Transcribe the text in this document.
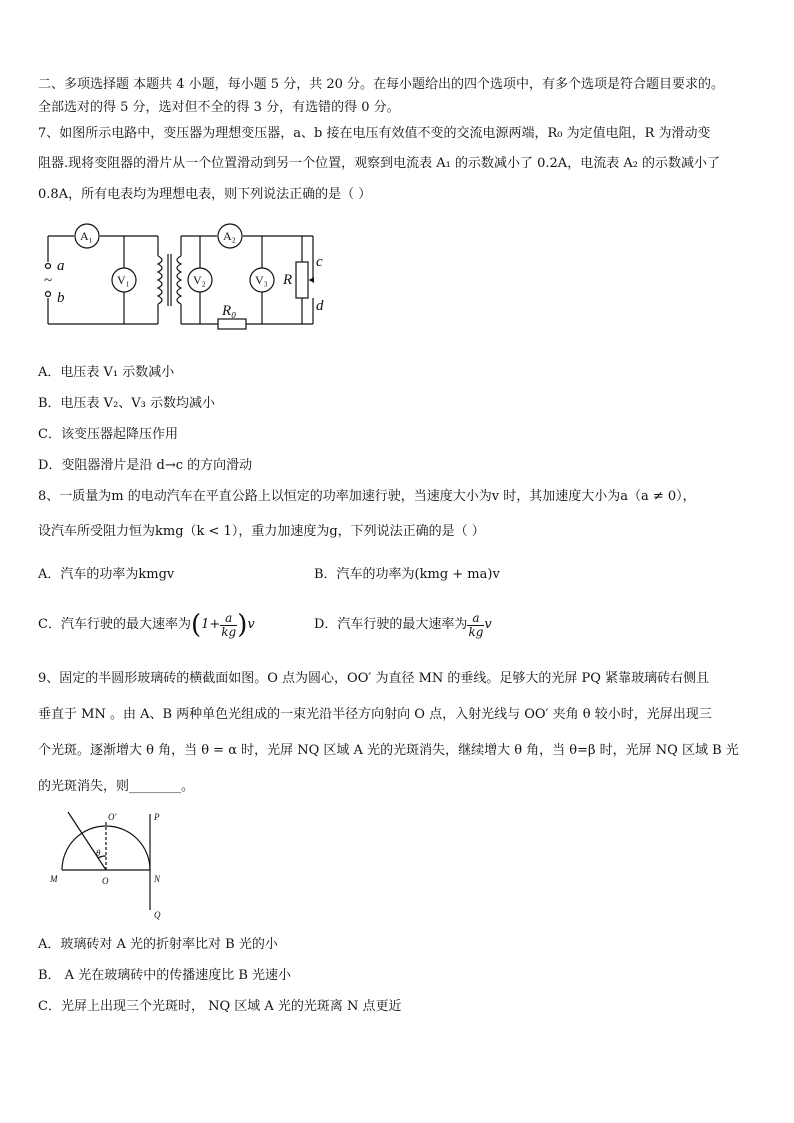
二、多项选择题 本题共 4 小题，每小题 5 分，共 20 分。在每小题给出的四个选项中，有多个选项是符合题目要求的。
全部选对的得 5 分，选对但不全的得 3 分，有选错的得 0 分。
7、如图所示电路中，变压器为理想变压器，a、b 接在电压有效值不变的交流电源两端，R₀ 为定值电阻，R 为滑动变
阻器.现将变阻器的滑片从一个位置滑动到另一个位置，观察到电流表 A₁ 的示数减小了 0.2A，电流表 A₂ 的示数减小了
0.8A，所有电表均为理想电表，则下列说法正确的是（ ）
A₁	A₂
V₁	V₂	V₃
a
~
b
R₀
R
c
d
A．电压表 V₁ 示数减小
B．电压表 V₂、V₃ 示数均减小
C．该变压器起降压作用
D．变阻器滑片是沿 d→c 的方向滑动
8、一质量为m 的电动汽车在平直公路上以恒定的功率加速行驶，当速度大小为v 时，其加速度大小为a（a ≠ 0），
设汽车所受阻力恒为kmg（k < 1），重力加速度为g，下列说法正确的是（ ）
A．汽车的功率为kmgv	B．汽车的功率为(kmg + ma)v
C．汽车行驶的最大速率为 ( $1+ \frac{a}{kg}$ ) v	D．汽车行驶的最大速率为 $\frac{a}{kg}$ v
9、固定的半圆形玻璃砖的横截面如图。O 点为圆心，OO′ 为直径 MN 的垂线。足够大的光屏 PQ 紧靠玻璃砖右侧且
垂直于 MN 。由 A、B 两种单色光组成的一束光沿半径方向射向 O 点，入射光线与 OO′ 夹角 θ 较小时，光屏出现三
个光斑。逐渐增大 θ 角，当 θ = α 时，光屏 NQ 区域 A 光的光斑消失，继续增大 θ 角，当 θ=β 时，光屏 NQ 区域 B 光
的光斑消失，则________。
O′	P
θ
M	O	N
Q
A．玻璃砖对 A 光的折射率比对 B 光的小
B． A 光在玻璃砖中的传播速度比 B 光速小
C．光屏上出现三个光斑时， NQ 区域 A 光的光斑离 N 点更近
